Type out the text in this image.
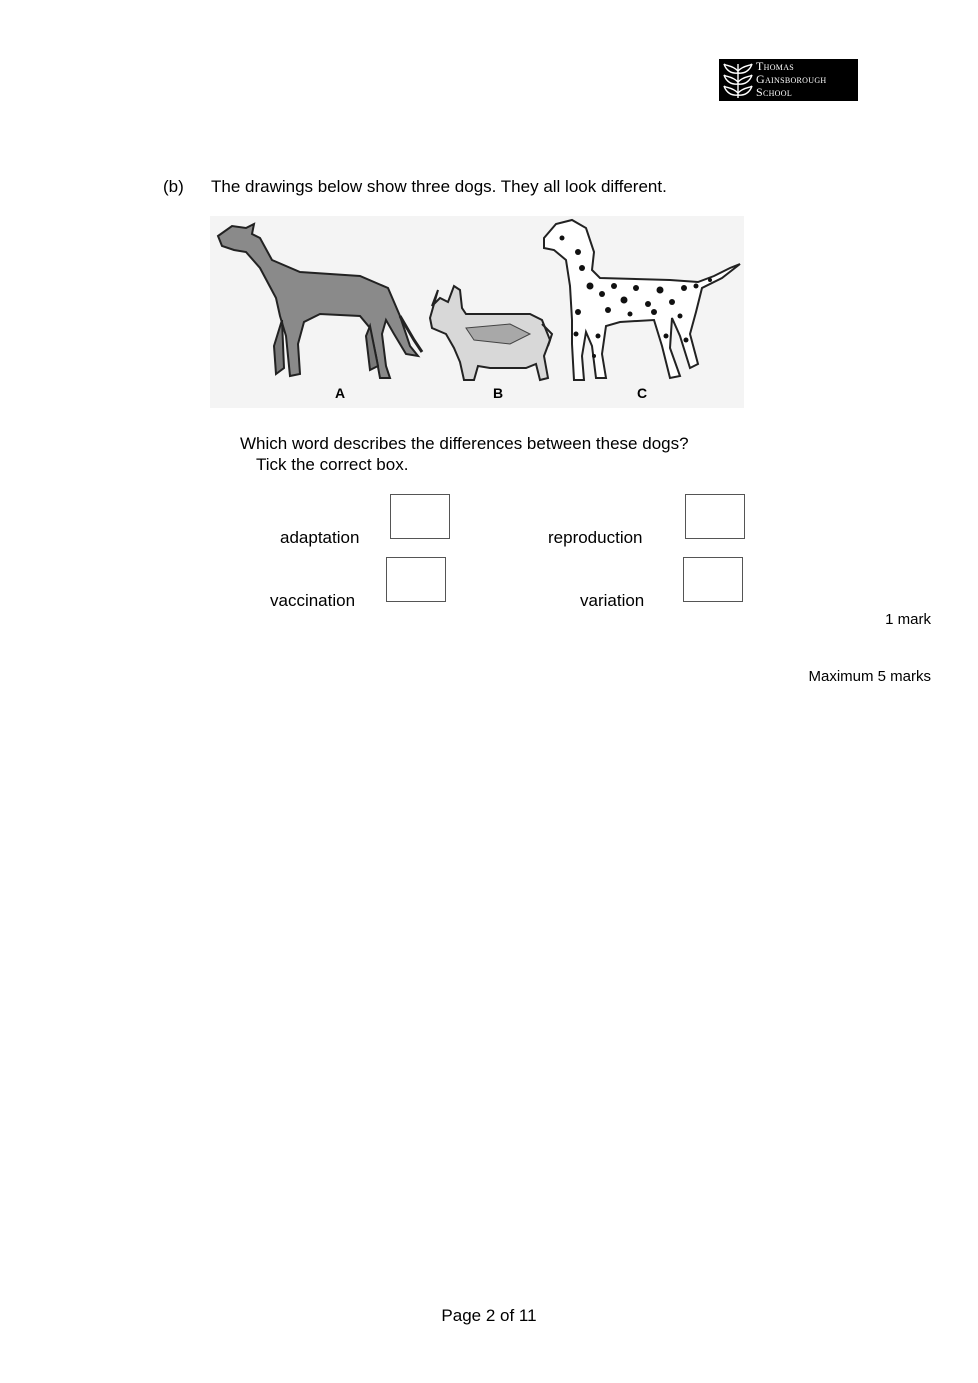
Thomas
Gainsborough
School
(b) The drawings below show three dogs. They all look different.
A	B	C
Which word describes the differences between these dogs?
Tick the correct box.
adaptation	reproduction
vaccination	variation
1 mark
Maximum 5 marks
Page 2 of 11
